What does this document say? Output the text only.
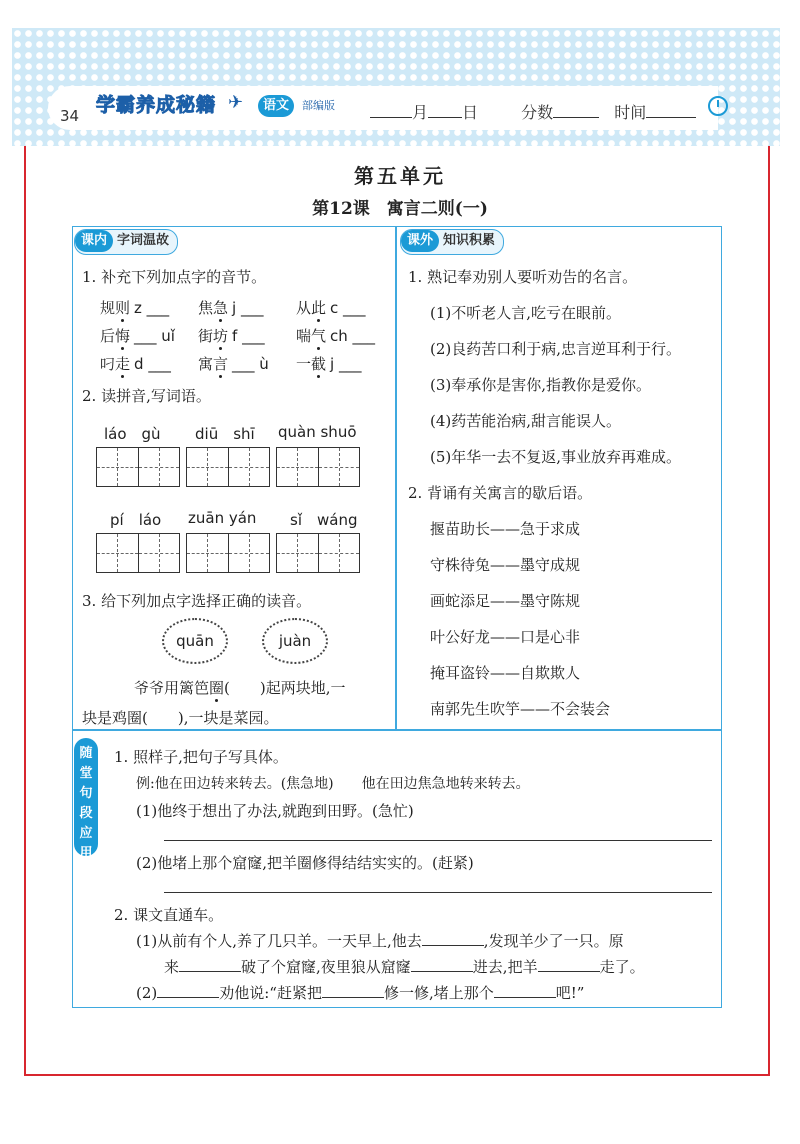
34 学霸养成秘籍 ✈	语文	部编版	月 日	分数	时间
第五单元
第12课　寓言二则(一)
课内 字词温故
1. 补充下列加点字的音节。
规则 z ___ 焦急 j ___ 从此 c ___
后悔 ___ uǐ 街坊 f ___ 喘气 ch ___
叼走 d ___ 寓言 ___ ù 一截 j ___
2. 读拼音,写词语。
láo　gù diū　shī quàn shuō
pí　láo zuān yán sǐ　wáng
3. 给下列加点字选择正确的读音。
quān	juàn
爷爷用篱笆圈(　　)起两块地,一
块是鸡圈(　　),一块是菜园。
课外 知识积累
1. 熟记奉劝别人要听劝告的名言。
(1)不听老人言,吃亏在眼前。
(2)良药苦口利于病,忠言逆耳利于行。
(3)奉承你是害你,指教你是爱你。
(4)药苦能治病,甜言能误人。
(5)年华一去不复返,事业放弃再难成。
2. 背诵有关寓言的歇后语。
揠苗助长——急于求成
守株待兔——墨守成规
画蛇添足——墨守陈规
叶公好龙——口是心非
掩耳盗铃——自欺欺人
南郭先生吹竽——不会装会
随
堂
句
段
应
用
1. 照样子,把句子写具体。
例:他在田边转来转去。(焦急地)　　他在田边焦急地转来转去。
(1)他终于想出了办法,就跑到田野。(急忙)
(2)他堵上那个窟窿,把羊圈修得结结实实的。(赶紧)
2. 课文直通车。
(1)从前有个人,养了几只羊。一天早上,他去	,发现羊少了一只。原
来	破了个窟窿,夜里狼从窟窿	进去,把羊	走了。
(2)	劝他说:“赶紧把	修一修,堵上那个	吧!”
